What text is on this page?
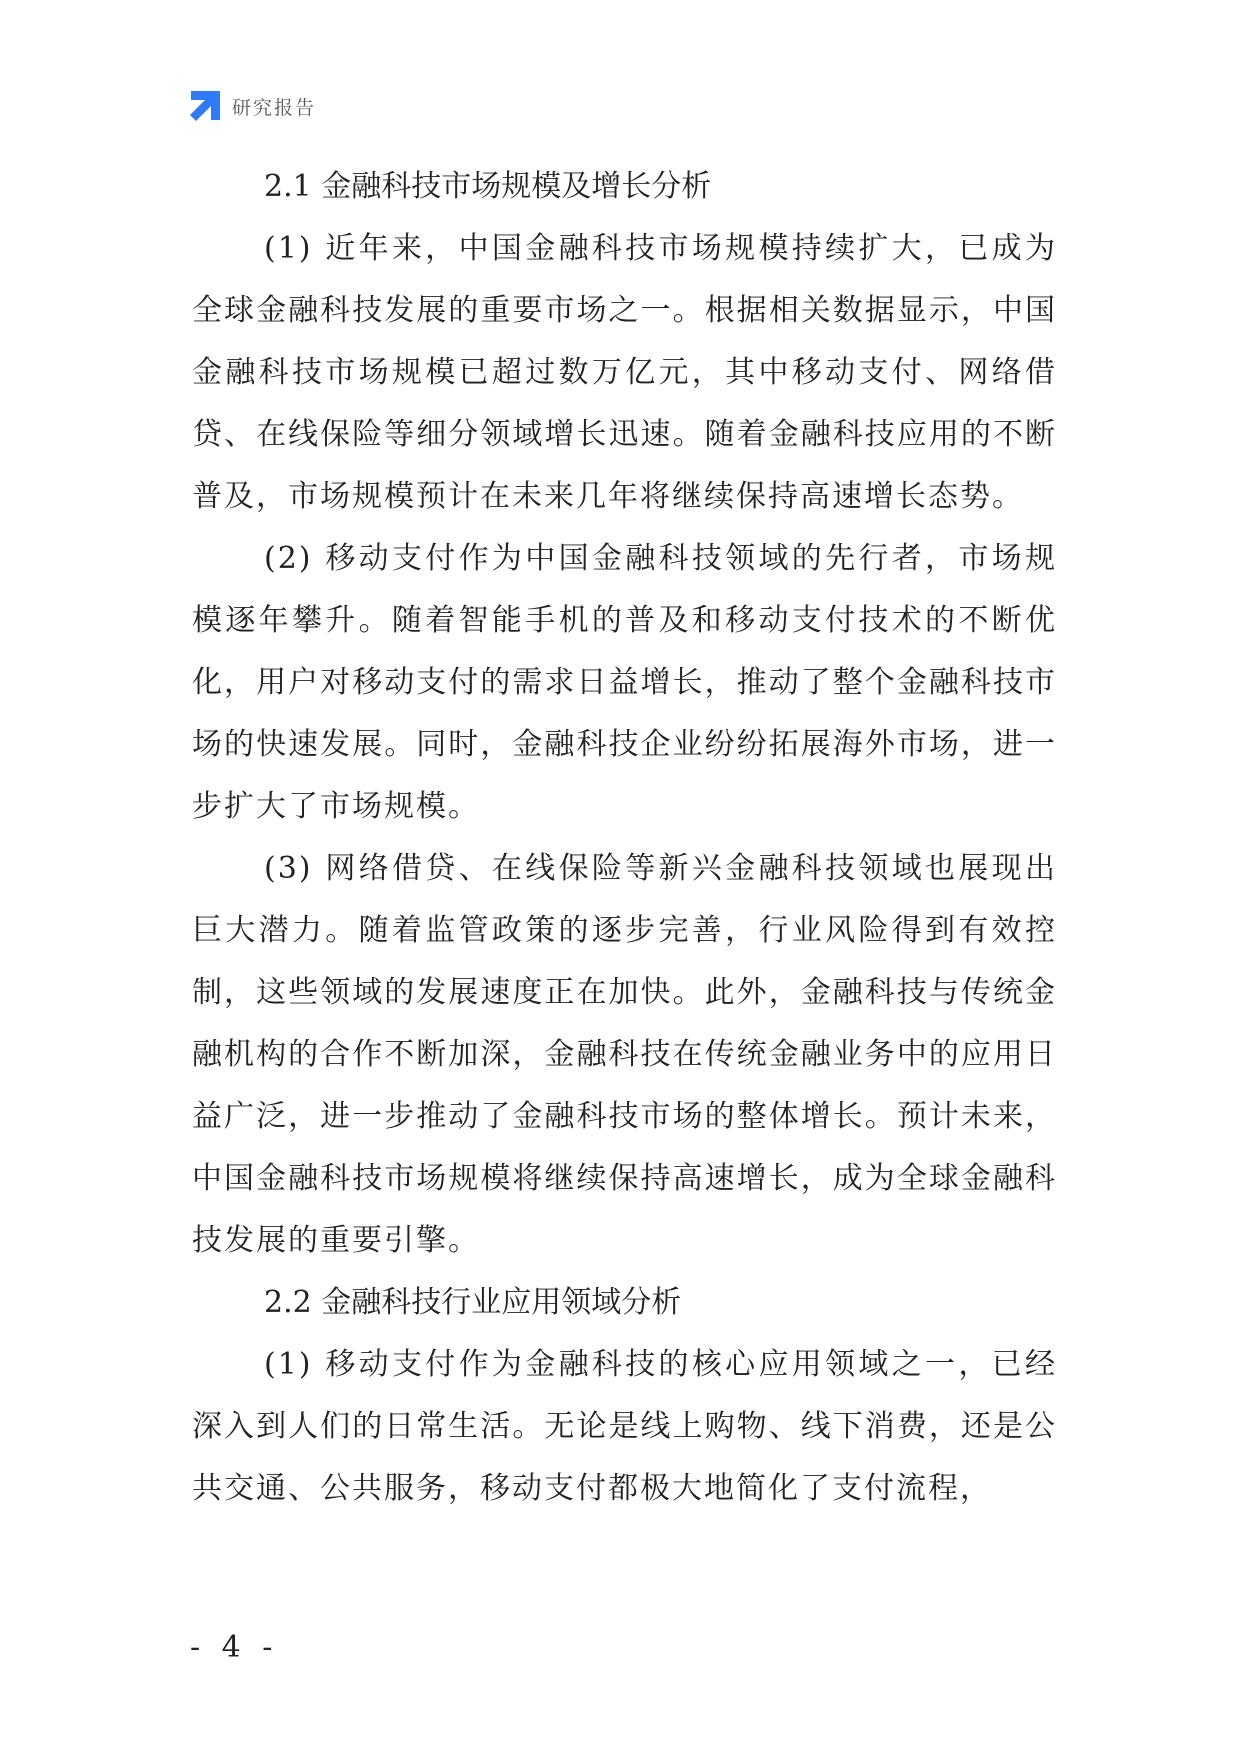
研究报告
2.1 金融科技市场规模及增长分析

(1) 近年来，中国金融科技市场规模持续扩大，已成为全球金融科技发展的重要市场之一。根据相关数据显示，中国金融科技市场规模已超过数万亿元，其中移动支付、网络借贷、在线保险等细分领域增长迅速。随着金融科技应用的不断普及，市场规模预计在未来几年将继续保持高速增长态势。

(2) 移动支付作为中国金融科技领域的先行者，市场规模逐年攀升。随着智能手机的普及和移动支付技术的不断优化，用户对移动支付的需求日益增长，推动了整个金融科技市场的快速发展。同时，金融科技企业纷纷拓展海外市场，进一步扩大了市场规模。

(3) 网络借贷、在线保险等新兴金融科技领域也展现出巨大潜力。随着监管政策的逐步完善，行业风险得到有效控制，这些领域的发展速度正在加快。此外，金融科技与传统金融机构的合作不断加深，金融科技在传统金融业务中的应用日益广泛，进一步推动了金融科技市场的整体增长。预计未来，中国金融科技市场规模将继续保持高速增长，成为全球金融科技发展的重要引擎。

2.2 金融科技行业应用领域分析

(1) 移动支付作为金融科技的核心应用领域之一，已经深入到人们的日常生活。无论是线上购物、线下消费，还是公共交通、公共服务，移动支付都极大地简化了支付流程，

- 4 -
